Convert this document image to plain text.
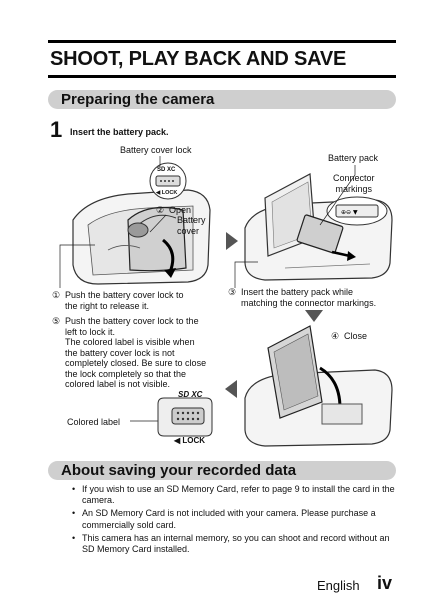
SHOOT, PLAY BACK AND SAVE
Preparing the camera
1 Insert the battery pack.
SD XC
◀ LOCK
Battery cover lock
② Open
Battery
cover
⊕⊖ ▼
Battery pack
Connector
markings
① Push the battery cover lock to
the right to release it.
③ Insert the battery pack while
matching the connector markings.
⑤ Push the battery cover lock to the
left to lock it.
The colored label is visible when
the battery cover lock is not
completely closed. Be sure to close
the lock completely so that the
colored label is not visible.
④ Close
SD XC
◀ LOCK
Colored label
About saving your recorded data
• If you wish to use an SD Memory Card, refer to page 9 to install the card in the camera.
• An SD Memory Card is not included with your camera. Please purchase a commercially sold card.
• This camera has an internal memory, so you can shoot and record without an SD Memory Card installed.
English iv
